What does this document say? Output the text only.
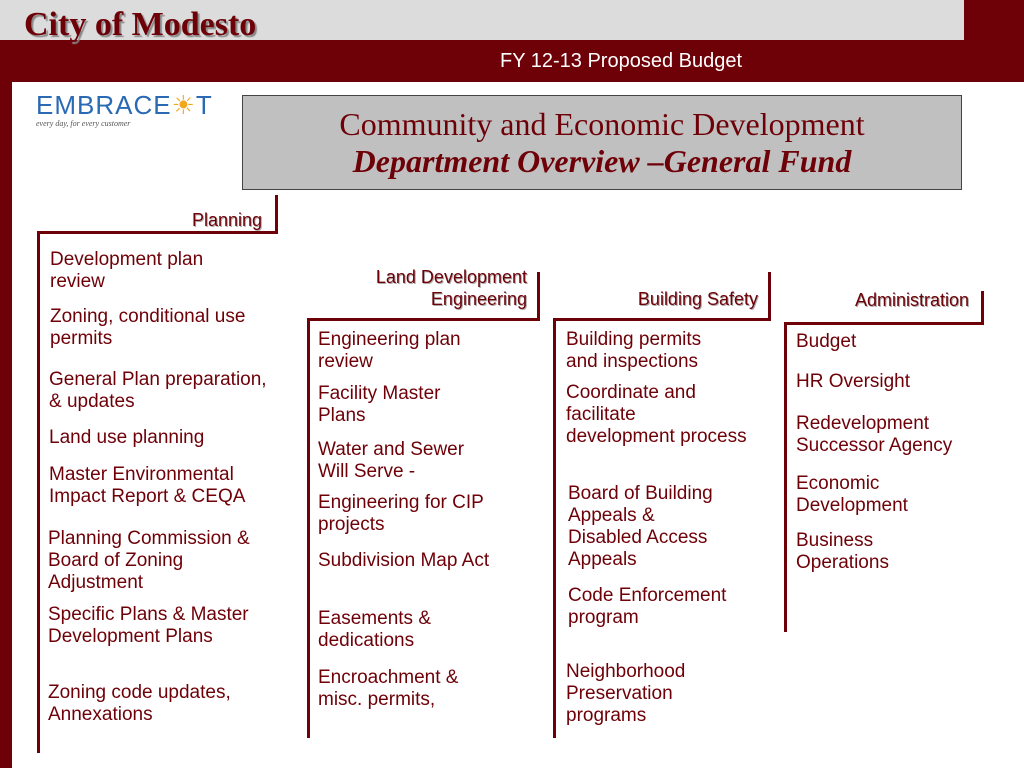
City of Modesto
FY 12-13 Proposed Budget
EMBRACE☀T
every day, for every customer	Community and Economic Development
Department Overview –General Fund
Planning
Development plan
review
Zoning, conditional use
permits
General Plan preparation,
& updates
Land use planning
Master Environmental
Impact Report & CEQA
Planning Commission &
Board of Zoning
Adjustment
Specific Plans & Master
Development Plans
Zoning code updates,
Annexations
Land Development
Engineering
Engineering plan
review
Facility Master
Plans
Water and Sewer
Will Serve -
Engineering for CIP
projects
Subdivision Map Act
Easements &
dedications
Encroachment &
misc. permits,
Building Safety
Building permits
and inspections
Coordinate and
facilitate
development process
Board of Building
Appeals &
Disabled Access
Appeals
Code Enforcement
program
Neighborhood
Preservation
programs
Administration
Budget
HR Oversight
Redevelopment
Successor Agency
Economic
Development
Business
Operations
